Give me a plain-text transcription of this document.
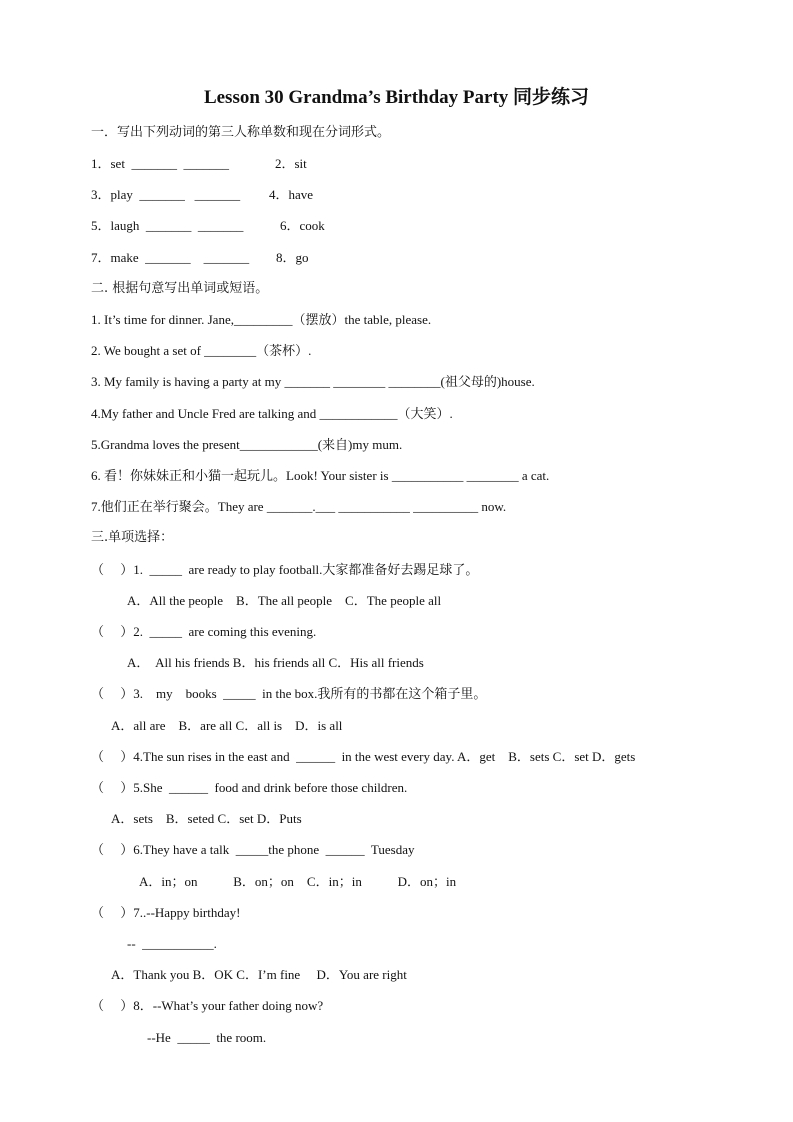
Lesson 30 Grandma’s Birthday Party 同步练习
一．写出下列动词的第三人称单数和现在分词形式。
1．set  _______  _______	2．sit
3．play  _______   _______ 4．have
5．laugh  _______  _______	6．cook
7．make  _______    _______ 8．go
二. 根据句意写出单词或短语。
1. It’s time for dinner. Jane,_________（摆放）the table, please.
2. We bought a set of ________（茶杯）.
3. My family is having a party at my _______ ________ ________(祖父母的)house.
4.My father and Uncle Fred are talking and ____________（大笑）.
5.Grandma loves the present____________(来自)my mum.
6. 看！你妹妹正和小猫一起玩儿。Look! Your sister is ___________ ________ a cat.
7.他们正在举行聚会。They are _______.___ ___________ __________ now.
三.单项选择：
（     ）1.  _____  are ready to play football.大家都准备好去踢足球了。
A．All the people    B．The all people    C．The people all
（     ）2.  _____  are coming this evening.
A．  All his friends B．his friends all C．His all friends
（     ）3.    my    books  _____  in the box.我所有的书都在这个箱子里。
A．all are    B．are all C．all is    D．is all
（     ）4.The sun rises in the east and  ______  in the west every day. A．get    B．sets C．set D．gets
（     ）5.She  ______  food and drink before those children.
A．sets    B．seted C．set D．Puts
（     ）6.They have a talk  _____the phone  ______  Tuesday
A．in；on           B．on；on    C．in；in           D．on；in
（     ）7..--Happy birthday!
--  ___________.
A．Thank you B．OK C．I’m fine     D．You are right
（     ）8．--What’s your father doing now?
--He  _____  the room.
